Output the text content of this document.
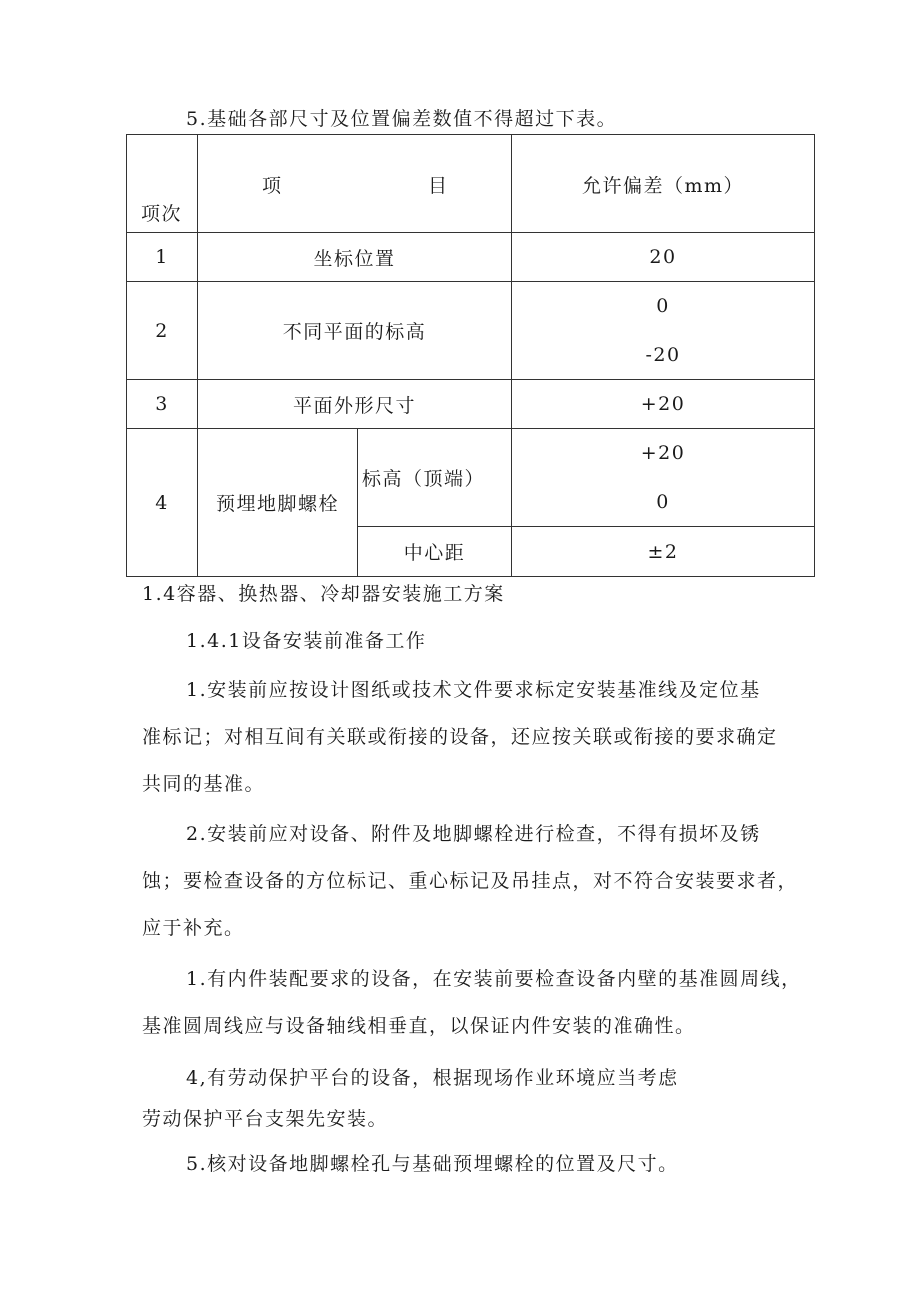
5.基础各部尺寸及位置偏差数值不得超过下表。
项次	项 目		允许偏差（mm）
1	坐标位置		20
2	不同平面的标高		0
-20

3	平面外形尺寸		+20
4	预埋地脚螺栓	标高（顶端）	+20
0

		中心距	±2
1.4容器、换热器、冷却器安装施工方案
1.4.1设备安装前准备工作
1.安装前应按设计图纸或技术文件要求标定安装基准线及定位基
准标记；对相互间有关联或衔接的设备，还应按关联或衔接的要求确定
共同的基准。
2.安装前应对设备、附件及地脚螺栓进行检查，不得有损坏及锈
蚀；要检查设备的方位标记、重心标记及吊挂点，对不符合安装要求者，
应于补充。
1.有内件装配要求的设备，在安装前要检查设备内壁的基准圆周线，
基准圆周线应与设备轴线相垂直，以保证内件安装的准确性。
4,有劳动保护平台的设备，根据现场作业环境应当考虑
劳动保护平台支架先安装。
5.核对设备地脚螺栓孔与基础预埋螺栓的位置及尺寸。
